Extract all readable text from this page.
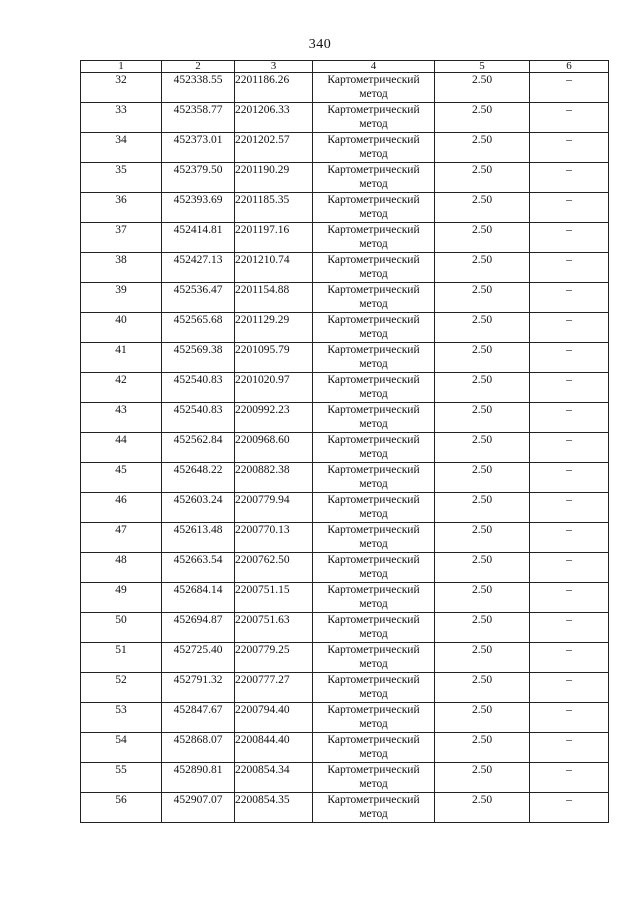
340
1	2	3	4	5	6
32	452338.55	2201186.26	Картометрический метод	2.50	–
33	452358.77	2201206.33	Картометрический метод	2.50	–
34	452373.01	2201202.57	Картометрический метод	2.50	–
35	452379.50	2201190.29	Картометрический метод	2.50	–
36	452393.69	2201185.35	Картометрический метод	2.50	–
37	452414.81	2201197.16	Картометрический метод	2.50	–
38	452427.13	2201210.74	Картометрический метод	2.50	–
39	452536.47	2201154.88	Картометрический метод	2.50	–
40	452565.68	2201129.29	Картометрический метод	2.50	–
41	452569.38	2201095.79	Картометрический метод	2.50	–
42	452540.83	2201020.97	Картометрический метод	2.50	–
43	452540.83	2200992.23	Картометрический метод	2.50	–
44	452562.84	2200968.60	Картометрический метод	2.50	–
45	452648.22	2200882.38	Картометрический метод	2.50	–
46	452603.24	2200779.94	Картометрический метод	2.50	–
47	452613.48	2200770.13	Картометрический метод	2.50	–
48	452663.54	2200762.50	Картометрический метод	2.50	–
49	452684.14	2200751.15	Картометрический метод	2.50	–
50	452694.87	2200751.63	Картометрический метод	2.50	–
51	452725.40	2200779.25	Картометрический метод	2.50	–
52	452791.32	2200777.27	Картометрический метод	2.50	–
53	452847.67	2200794.40	Картометрический метод	2.50	–
54	452868.07	2200844.40	Картометрический метод	2.50	–
55	452890.81	2200854.34	Картометрический метод	2.50	–
56	452907.07	2200854.35	Картометрический метод	2.50	–
